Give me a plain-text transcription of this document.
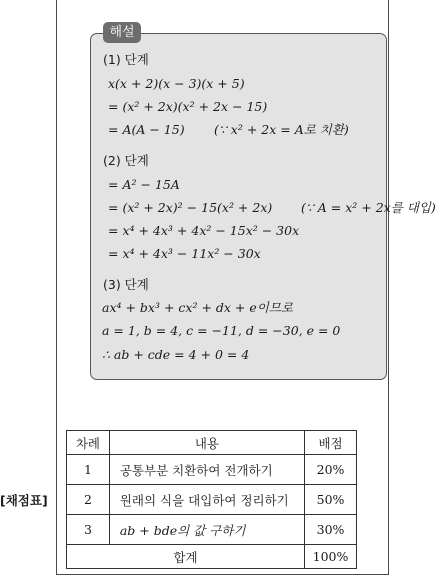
해설
(1) 단계
x(x + 2)(x − 3)(x + 5)
= (x² + 2x)(x² + 2x − 15)
= A(A − 15) (∵ x² + 2x = A로 치환)
(2) 단계
= A² − 15A
= (x² + 2x)² − 15(x² + 2x) (∵ A = x² + 2x를 대입)
= x⁴ + 4x³ + 4x² − 15x² − 30x
= x⁴ + 4x³ − 11x² − 30x
(3) 단계
ax⁴ + bx³ + cx² + dx + e이므로
a = 1, b = 4, c = −11, d = −30, e = 0
∴ ab + cde = 4 + 0 = 4
[채점표]
차례	내용	배점
1	공통부분 치환하여 전개하기	20%
2	원래의 식을 대입하여 정리하기	50%
3	ab + bde의 값 구하기	30%
합계		100%
